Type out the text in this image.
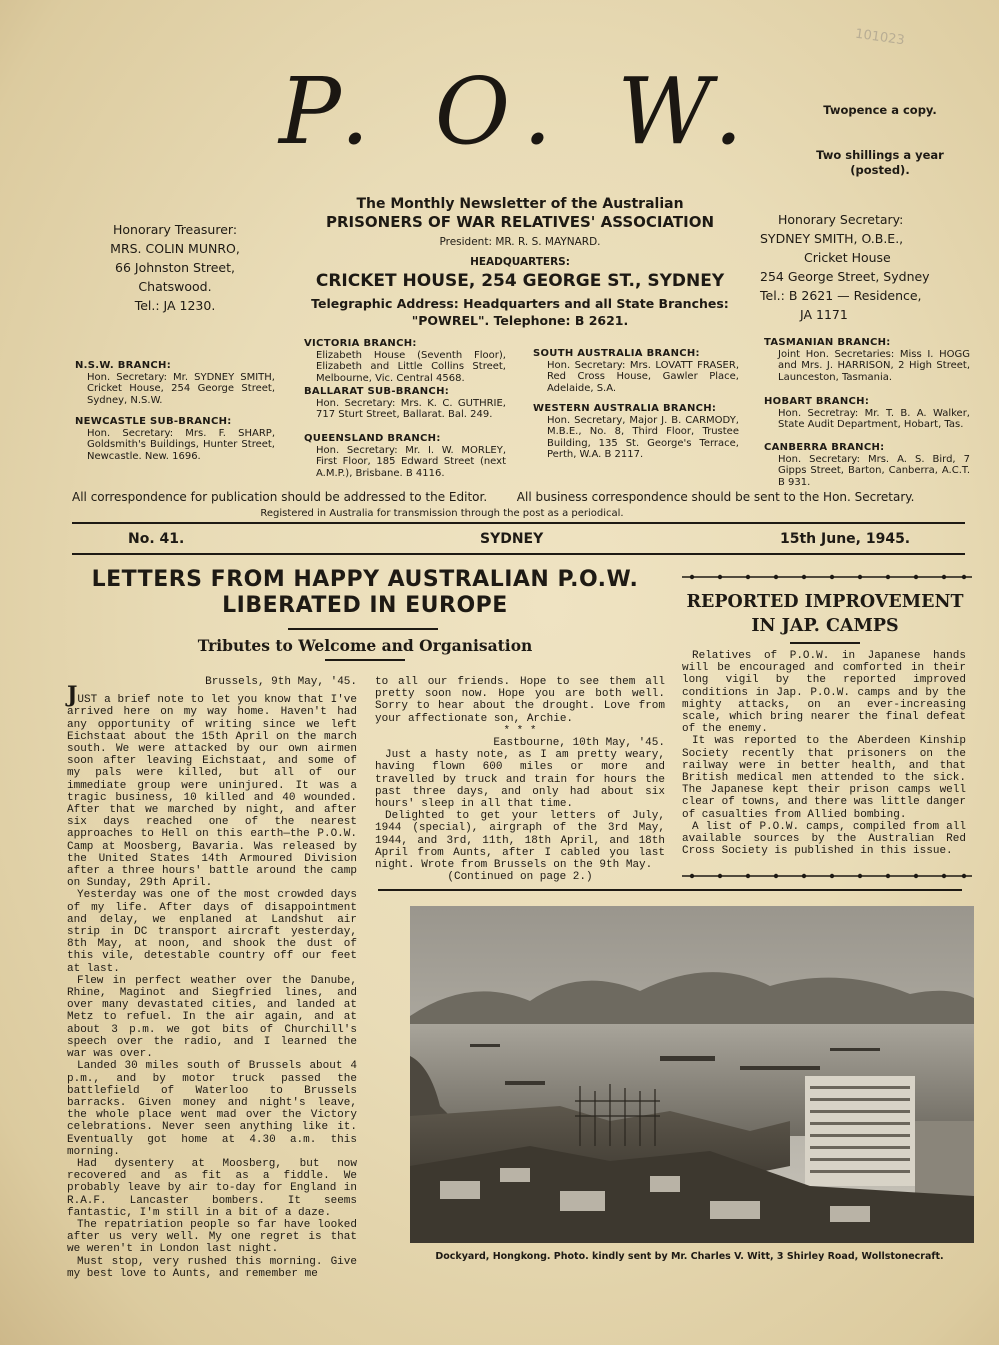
101023
P. O. W.	Twopence a copy.
Two shillings a year
(posted).
The Monthly Newsletter of the Australian
PRISONERS OF WAR RELATIVES' ASSOCIATION
President: MR. R. S. MAYNARD.
HEADQUARTERS:
CRICKET HOUSE, 254 GEORGE ST., SYDNEY
Telegraphic Address: Headquarters and all State Branches:
"POWREL". Telephone: B 2621.
Honorary Treasurer:
MRS. COLIN MUNRO,
66 Johnston Street,
Chatswood.
Tel.: JA 1230.
Honorary Secretary:
SYDNEY SMITH, O.B.E.,
Cricket House
254 George Street, Sydney
Tel.: B 2621 — Residence,
JA 1171
N.S.W. BRANCH:
Hon. Secretary: Mr. SYDNEY SMITH, Cricket House, 254 George Street, Sydney, N.S.W.
NEWCASTLE SUB-BRANCH:
Hon. Secretary: Mrs. F. SHARP, Goldsmith's Buildings, Hunter Street, Newcastle. New. 1696.
VICTORIA BRANCH:
Elizabeth House (Seventh Floor), Elizabeth and Little Collins Street, Melbourne, Vic. Central 4568.
BALLARAT SUB-BRANCH:
Hon. Secretary: Mrs. K. C. GUTHRIE, 717 Sturt Street, Ballarat. Bal. 249.
QUEENSLAND BRANCH:
Hon. Secretary: Mr. I. W. MORLEY, First Floor, 185 Edward Street (next A.M.P.), Brisbane. B 4116.
SOUTH AUSTRALIA BRANCH:
Hon. Secretary: Mrs. LOVATT FRASER, Red Cross House, Gawler Place, Adelaide, S.A.
WESTERN AUSTRALIA BRANCH:
Hon. Secretary, Major J. B. CARMODY, M.B.E., No. 8, Third Floor, Trustee Building, 135 St. George's Terrace, Perth, W.A. B 2117.
TASMANIAN BRANCH:
Joint Hon. Secretaries: Miss I. HOGG and Mrs. J. HARRISON, 2 High Street, Launceston, Tasmania.
HOBART BRANCH:
Hon. Secretray: Mr. T. B. A. Walker, State Audit Department, Hobart, Tas.
CANBERRA BRANCH:
Hon. Secretary: Mrs. A. S. Bird, 7 Gipps Street, Barton, Canberra, A.C.T. B 931.
All correspondence for publication should be addressed to the Editor. All business correspondence should be sent to the Hon. Secretary.
Registered in Australia for transmission through the post as a periodical.
No. 41.	SYDNEY	15th June, 1945.
LETTERS FROM HAPPY AUSTRALIAN P.O.W.
LIBERATED IN EUROPE
Tributes to Welcome and Organisation

Brussels, 9th May, '45.

JUST a brief note to let you know that I've arrived here on my way home. Haven't had any opportunity of writing since we left Eichstaat about the 15th April on the march south. We were attacked by our own airmen soon after leaving Eichstaat, and some of my pals were killed, but all of our immediate group were uninjured. It was a tragic business, 10 killed and 40 wounded. After that we marched by night, and after six days reached one of the nearest approaches to Hell on this earth—the P.O.W. Camp at Moosberg, Bavaria. Was released by the United States 14th Armoured Division after a three hours' battle around the camp on Sunday, 29th April.

Yesterday was one of the most crowded days of my life. After days of disappointment and delay, we enplaned at Landshut air strip in DC transport aircraft yesterday, 8th May, at noon, and shook the dust of this vile, detestable country off our feet at last.

Flew in perfect weather over the Danube, Rhine, Maginot and Siegfried lines, and over many devastated cities, and landed at Metz to refuel. In the air again, and at about 3 p.m. we got bits of Churchill's speech over the radio, and I learned the war was over.

Landed 30 miles south of Brussels about 4 p.m., and by motor truck passed the battlefield of Waterloo to Brussels barracks. Given money and night's leave, the whole place went mad over the Victory celebrations. Never seen anything like it. Eventually got home at 4.30 a.m. this morning.

Had dysentery at Moosberg, but now recovered and as fit as a fiddle. We probably leave by air to-day for England in R.A.F. Lancaster bombers. It seems fantastic, I'm still in a bit of a daze.

The repatriation people so far have looked after us very well. My one regret is that we weren't in London last night.

Must stop, very rushed this morning. Give my best love to Aunts, and remember me

to all our friends. Hope to see them all pretty soon now. Hope you are both well. Sorry to hear about the drought. Love from your affectionate son, Archie.

* * *

Eastbourne, 10th May, '45.

Just a hasty note, as I am pretty weary, having flown 600 miles or more and travelled by truck and train for hours the past three days, and only had about six hours' sleep in all that time.

Delighted to get your letters of July, 1944 (special), airgraph of the 3rd May, 1944, and 3rd, 11th, 18th April, and 18th April from Aunts, after I cabled you last night. Wrote from Brussels on the 9th May.

(Continued on page 2.)

REPORTED IMPROVEMENT
IN JAP. CAMPS

Relatives of P.O.W. in Japanese hands will be encouraged and comforted in their long vigil by the reported improved conditions in Jap. P.O.W. camps and by the mighty attacks, on an ever-increasing scale, which bring nearer the final defeat of the enemy.

It was reported to the Aberdeen Kinship Society recently that prisoners on the railway were in better health, and that British medical men attended to the sick. The Japanese kept their prison camps well clear of towns, and there was little danger of casualties from Allied bombing.

A list of P.O.W. camps, compiled from all available sources by the Australian Red Cross Society is published in this issue.

Dockyard, Hongkong. Photo. kindly sent by Mr. Charles V. Witt, 3 Shirley Road, Wollstonecraft.
